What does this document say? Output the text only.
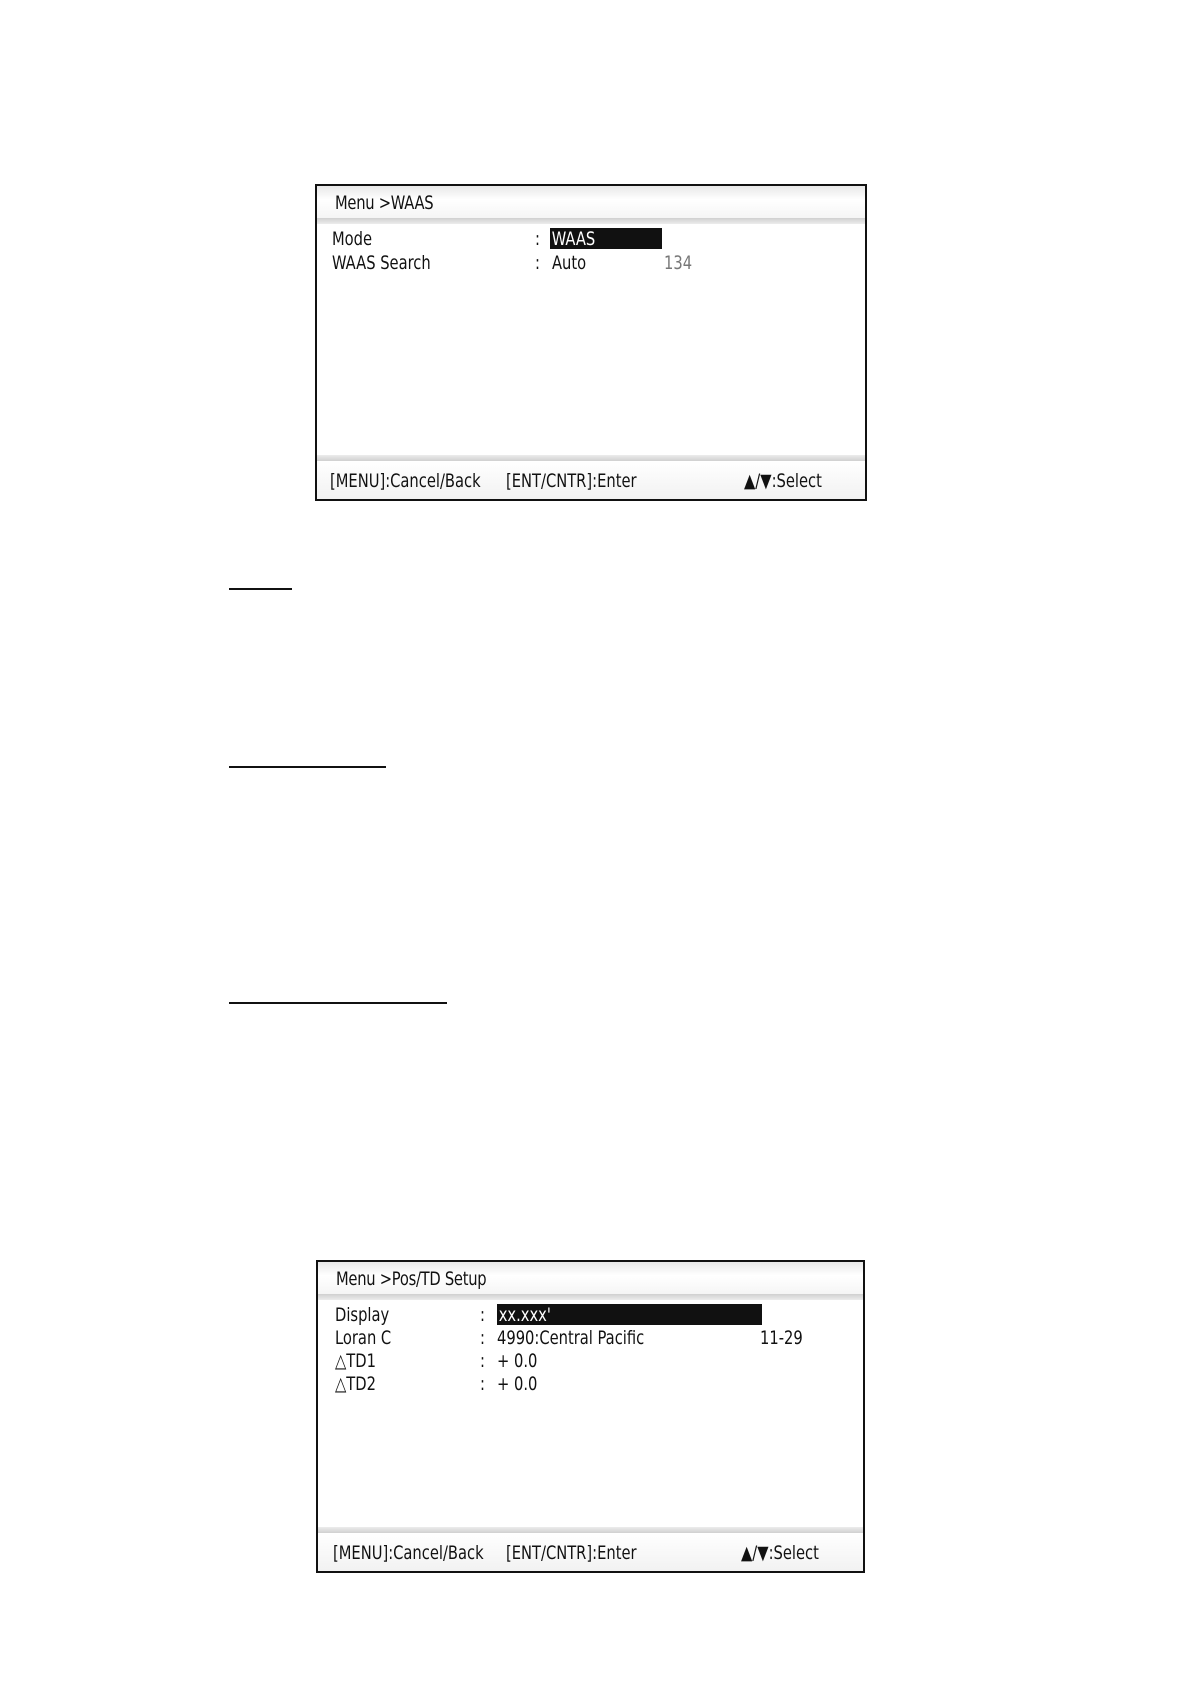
Menu >WAAS
Mode	: WAAS
WAAS Search	: Auto	134
[MENU]:Cancel/Back [ENT/CNTR]:Enter	▲/▼:Select
Menu >Pos/TD Setup
Display	: xx.xxx'
Loran C	: 4990:Central Pacific	11-29
△TD1	: + 0.0
△TD2	: + 0.0
[MENU]:Cancel/Back [ENT/CNTR]:Enter	▲/▼:Select
